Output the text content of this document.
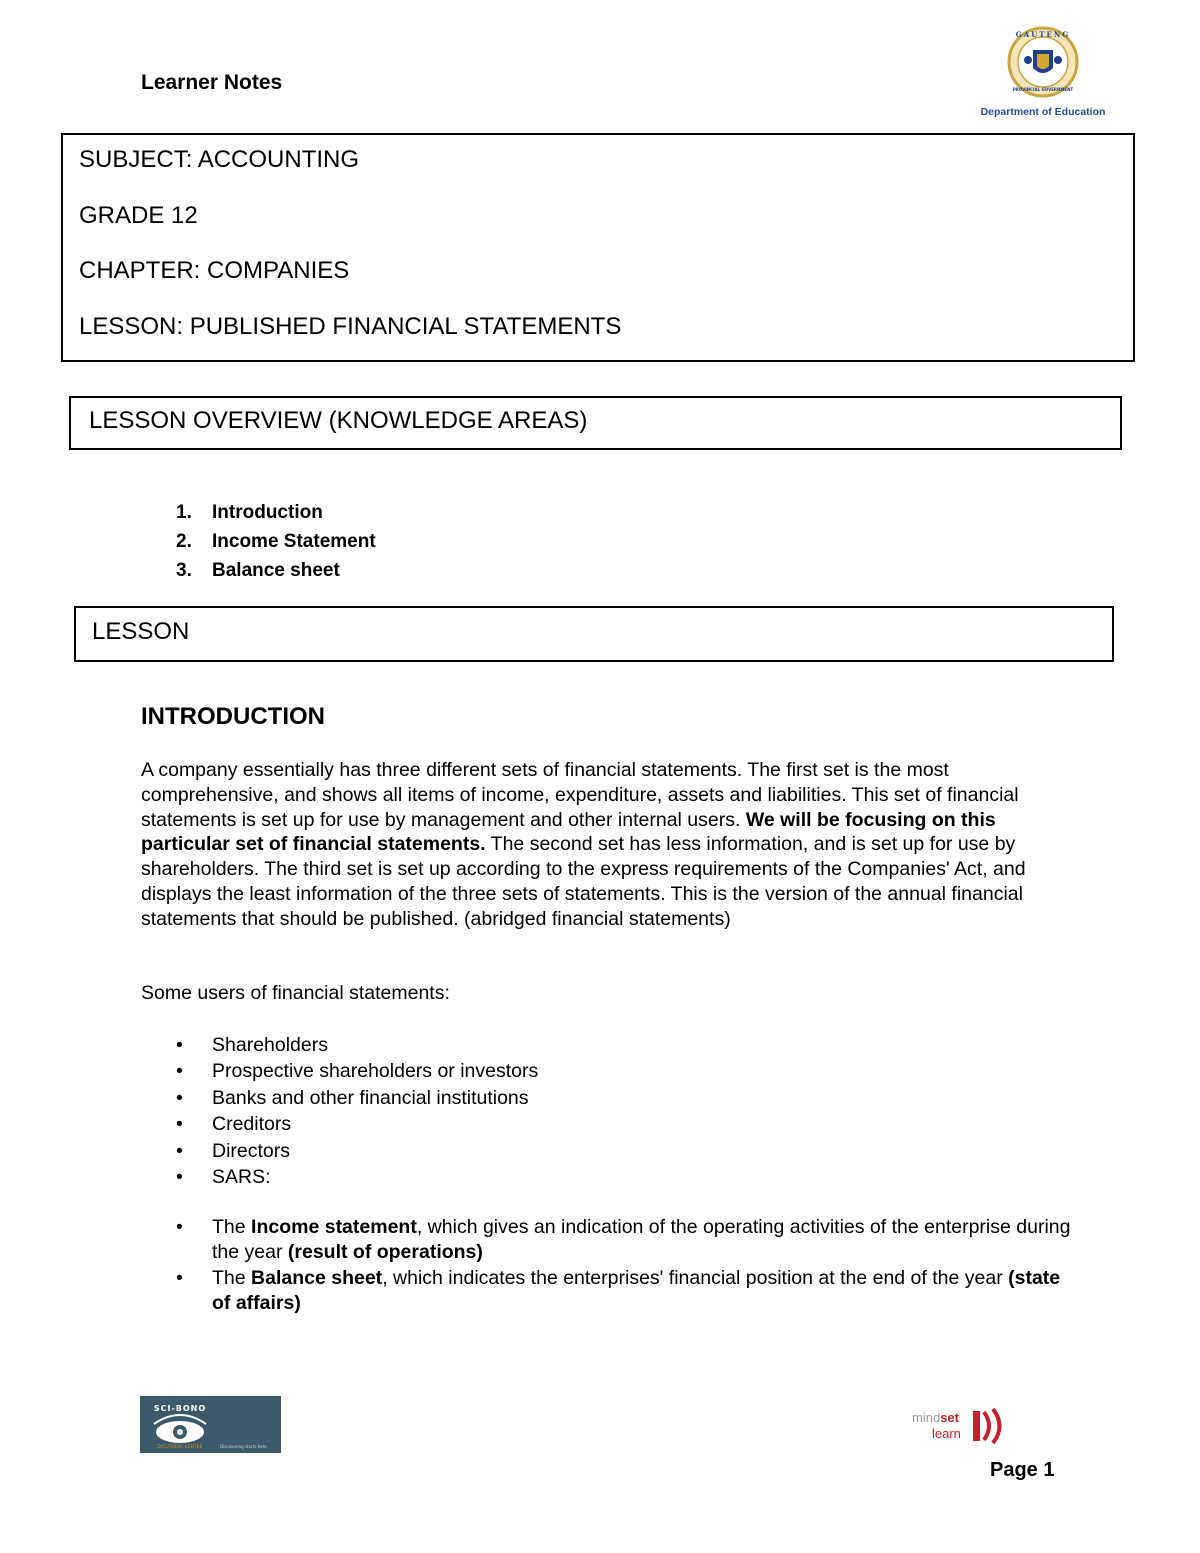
Learner Notes
GAUTENG
PROVINCIAL GOVERNMENT
Department of Education
SUBJECT: ACCOUNTING
GRADE 12
CHAPTER: COMPANIES
LESSON: PUBLISHED FINANCIAL STATEMENTS
LESSON OVERVIEW (KNOWLEDGE AREAS)
1. Introduction
2. Income Statement
3. Balance sheet
LESSON
INTRODUCTION
A company essentially has three different sets of financial statements. The first set is the most comprehensive, and shows all items of income, expenditure, assets and liabilities. This set of financial statements is set up for use by management and other internal users. We will be focusing on this particular set of financial statements. The second set has less information, and is set up for use by shareholders. The third set is set up according to the express requirements of the Companies' Act, and displays the least information of the three sets of statements. This is the version of the annual financial statements that should be published. (abridged financial statements)
Some users of financial statements:
• Shareholders
• Prospective shareholders or investors
• Banks and other financial institutions
• Creditors
• Directors
• SARS:
• The Income statement, which gives an indication of the operating activities of the enterprise during the year (result of operations)
• The Balance sheet, which indicates the enterprises' financial position at the end of the year (state of affairs)
SCI-BONO
DISCOVERY CENTRE	Discovering starts here.
mindset
learn
Page 1
